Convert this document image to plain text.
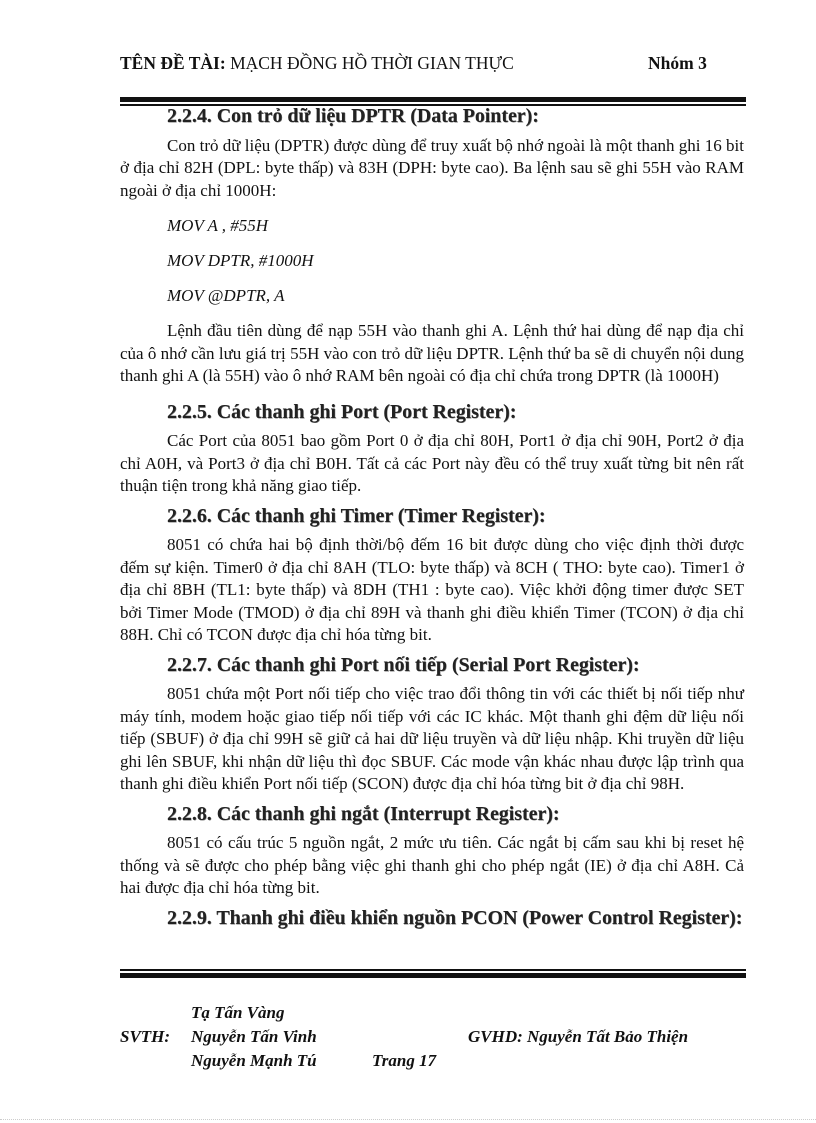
TÊN ĐỀ TÀI: MẠCH ĐỒNG HỒ THỜI GIAN THỰC	Nhóm 3
2.2.4. Con trỏ dữ liệu DPTR (Data Pointer):

Con trỏ dữ liệu (DPTR) được dùng để truy xuất bộ nhớ ngoài là một thanh ghi 16 bit ở địa chỉ 82H (DPL: byte thấp) và 83H (DPH: byte cao). Ba lệnh sau sẽ ghi 55H vào RAM ngoài ở địa chỉ 1000H:

MOV A , #55H
MOV DPTR, #1000H
MOV @DPTR, A

Lệnh đầu tiên dùng để nạp 55H vào thanh ghi A. Lệnh thứ hai dùng để nạp địa chỉ của ô nhớ cần lưu giá trị 55H vào con trỏ dữ liệu DPTR. Lệnh thứ ba sẽ di chuyển nội dung thanh ghi A (là 55H) vào ô nhớ RAM bên ngoài có địa chỉ chứa trong DPTR (là 1000H)

2.2.5. Các thanh ghi Port (Port Register):

Các Port của 8051 bao gồm Port 0 ở địa chỉ 80H, Port1 ở địa chỉ 90H, Port2 ở địa chỉ A0H, và Port3 ở địa chỉ B0H. Tất cả các Port này đều có thể truy xuất từng bit nên rất thuận tiện trong khả năng giao tiếp.

2.2.6. Các thanh ghi Timer (Timer Register):

8051 có chứa hai bộ định thời/bộ đếm 16 bit được dùng cho việc định thời được đếm sự kiện. Timer0 ở địa chỉ 8AH (TLO: byte thấp) và 8CH ( THO: byte cao). Timer1 ở địa chỉ 8BH (TL1: byte thấp) và 8DH (TH1 : byte cao). Việc khởi động timer được SET bởi Timer Mode (TMOD) ở địa chỉ 89H và thanh ghi điều khiển Timer (TCON) ở địa chỉ 88H. Chỉ có TCON được địa chỉ hóa từng bit.

2.2.7. Các thanh ghi Port nối tiếp (Serial Port Register):

8051 chứa một Port nối tiếp cho việc trao đổi thông tin với các thiết bị nối tiếp như máy tính, modem hoặc giao tiếp nối tiếp với các IC khác. Một thanh ghi đệm dữ liệu nối tiếp (SBUF) ở địa chỉ 99H sẽ giữ cả hai dữ liệu truyền và dữ liệu nhập. Khi truyền dữ liệu ghi lên SBUF, khi nhận dữ liệu thì đọc SBUF. Các mode vận khác nhau được lập trình qua thanh ghi điều khiển Port nối tiếp (SCON) được địa chỉ hóa từng bit ở địa chỉ 98H.

2.2.8. Các thanh ghi ngắt (Interrupt Register):

8051 có cấu trúc 5 nguồn ngắt, 2 mức ưu tiên. Các ngắt bị cấm sau khi bị reset hệ thống và sẽ được cho phép bằng việc ghi thanh ghi cho phép ngắt (IE) ở địa chỉ A8H. Cả hai được địa chỉ hóa từng bit.

2.2.9. Thanh ghi điều khiển nguồn PCON (Power Control Register):
Tạ Tấn Vàng
SVTH: Nguyễn Tấn Vinh
Nguyễn Mạnh Tú	Trang 17
GVHD: Nguyễn Tất Bảo Thiện
